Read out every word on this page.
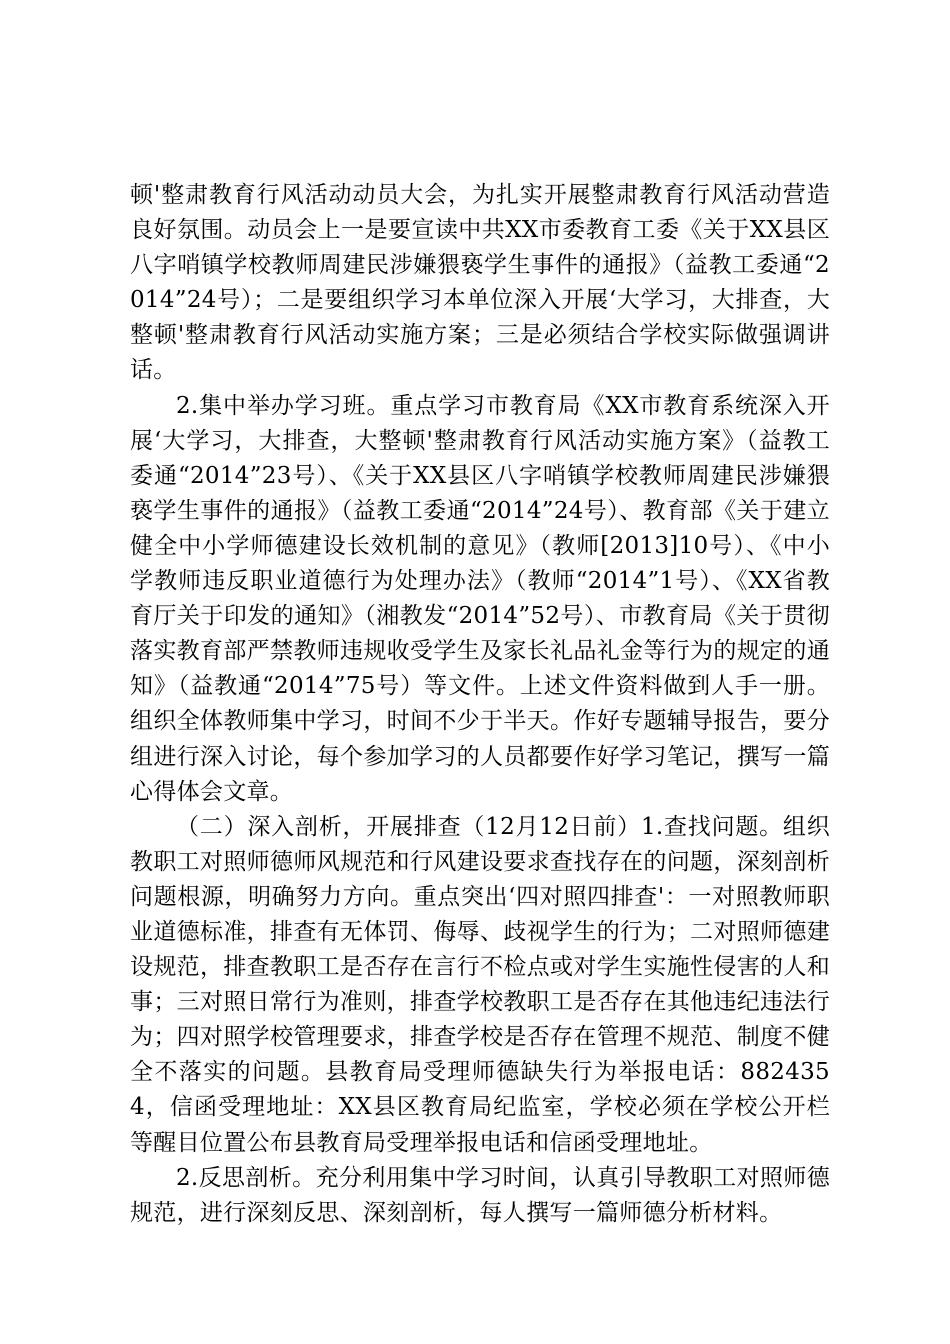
顿'整肃教育行风活动动员大会，为扎实开展整肃教育行风活动营造良好氛围。动员会上一是要宣读中共XX市委教育工委《关于XX县区八字哨镇学校教师周建民涉嫌猥亵学生事件的通报》（益教工委通“2014”24号）；二是要组织学习本单位深入开展‘大学习，大排查，大整顿'整肃教育行风活动实施方案；三是必须结合学校实际做强调讲话。

2.集中举办学习班。重点学习市教育局《XX市教育系统深入开展‘大学习，大排查，大整顿'整肃教育行风活动实施方案》（益教工委通“2014”23号）、《关于XX县区八字哨镇学校教师周建民涉嫌猥亵学生事件的通报》（益教工委通“2014”24号）、教育部《关于建立健全中小学师德建设长效机制的意见》（教师[2013]10号）、《中小学教师违反职业道德行为处理办法》（教师“2014”1号）、《XX省教育厅关于印发的通知》（湘教发“2014”52号）、市教育局《关于贯彻落实教育部严禁教师违规收受学生及家长礼品礼金等行为的规定的通知》（益教通“2014”75号）等文件。上述文件资料做到人手一册。组织全体教师集中学习，时间不少于半天。作好专题辅导报告，要分组进行深入讨论，每个参加学习的人员都要作好学习笔记，撰写一篇心得体会文章。

（二）深入剖析，开展排查（12月12日前）1.查找问题。组织教职工对照师德师风规范和行风建设要求查找存在的问题，深刻剖析问题根源，明确努力方向。重点突出‘四对照四排查'：一对照教师职业道德标准，排查有无体罚、侮辱、歧视学生的行为；二对照师德建设规范，排查教职工是否存在言行不检点或对学生实施性侵害的人和事；三对照日常行为准则，排查学校教职工是否存在其他违纪违法行为；四对照学校管理要求，排查学校是否存在管理不规范、制度不健全不落实的问题。县教育局受理师德缺失行为举报电话：8824354，信函受理地址：XX县区教育局纪监室，学校必须在学校公开栏等醒目位置公布县教育局受理举报电话和信函受理地址。

2.反思剖析。充分利用集中学习时间，认真引导教职工对照师德规范，进行深刻反思、深刻剖析，每人撰写一篇师德分析材料。
